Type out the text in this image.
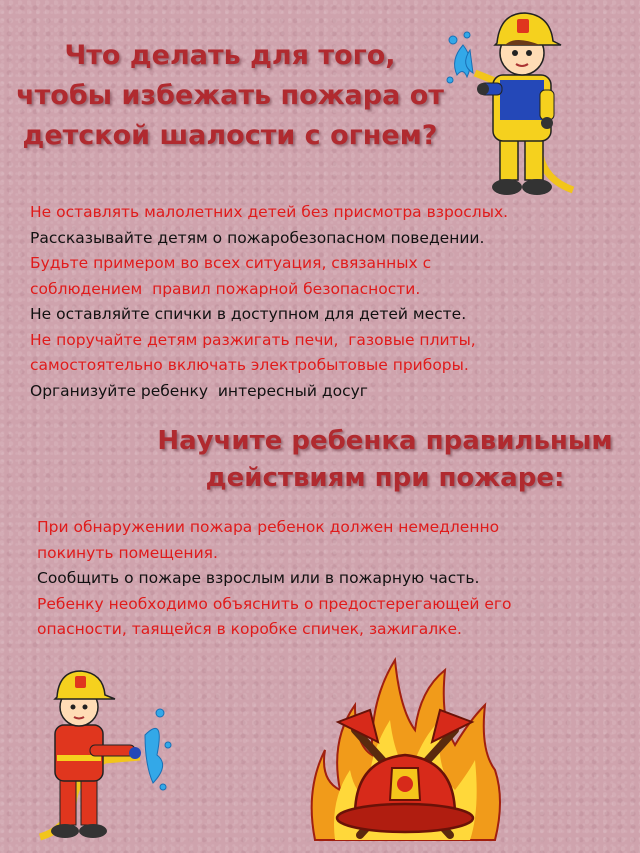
Что делать для того,
чтобы избежать пожара от
детской шалости с огнем?
Не оставлять малолетних детей без присмотра взрослых.
Рассказывайте детям о пожаробезопасном поведении.
Будьте примером во всех ситуация, связанных с
соблюдением  правил пожарной безопасности.
Не оставляйте спички в доступном для детей месте.
Не поручайте детям разжигать печи,  газовые плиты,
самостоятельно включать электробытовые приборы.
Организуйте ребенку  интересный досуг
Научите ребенка правильным
действиям при пожаре:
При обнаружении пожара ребенок должен немедленно
покинуть помещения.
Сообщить о пожаре взрослым или в пожарную часть.
Ребенку необходимо объяснить о предостерегающей его
опасности, таящейся в коробке спичек, зажигалке.
